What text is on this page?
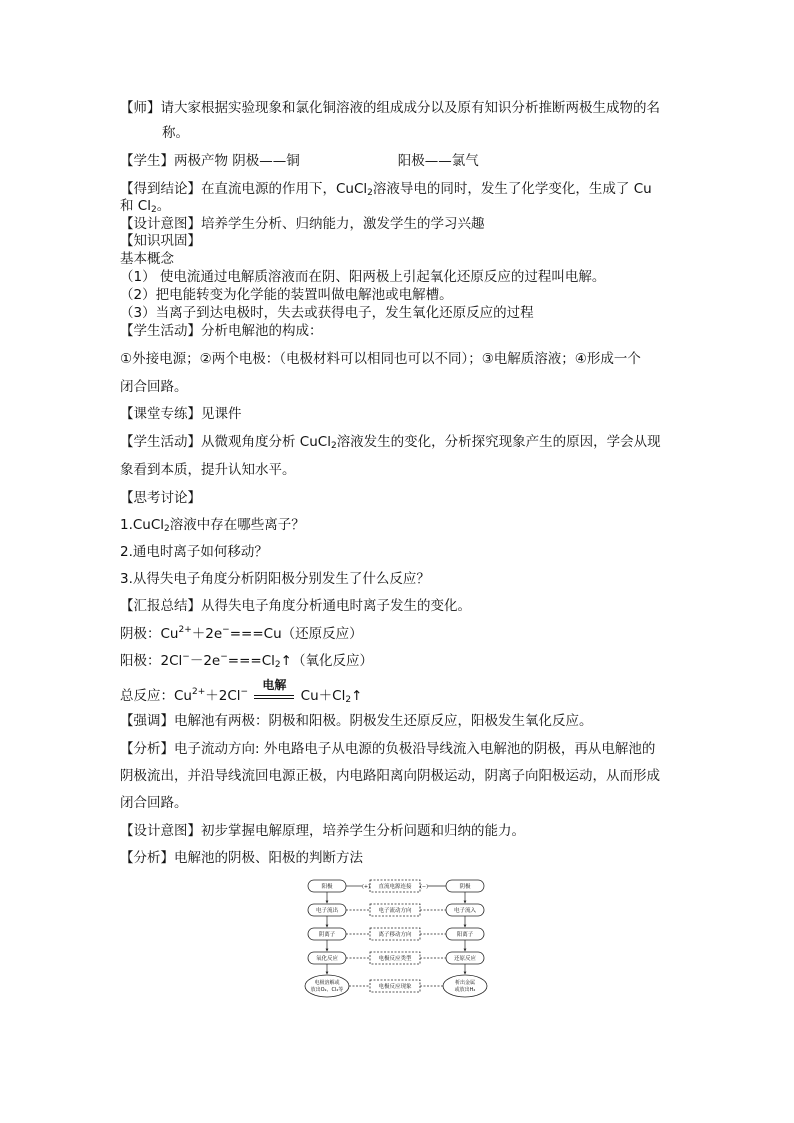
【师】请大家根据实验现象和氯化铜溶液的组成成分以及原有知识分析推断两极生成物的名
称。
【学生】两极产物 阴极——铜	阳极——氯气
【得到结论】在直流电源的作用下，CuCl$_2$溶液导电的同时，发生了化学变化，生成了 Cu
和 $Cl_2$。
【设计意图】培养学生分析、归纳能力，激发学生的学习兴趣
【知识巩固】
基本概念
（1） 使电流通过电解质溶液而在阴、阳两极上引起氧化还原反应的过程叫电解。
（2）把电能转变为化学能的装置叫做电解池或电解槽。
（3）当离子到达电极时，失去或获得电子，发生氧化还原反应的过程
【学生活动】分析电解池的构成：
①外接电源；②两个电极：（电极材料可以相同也可以不同）；③电解质溶液；④形成一个
闭合回路。
【课堂专练】见课件
【学生活动】从微观角度分析 CuCl$_2$溶液发生的变化，分析探究现象产生的原因，学会从现
象看到本质，提升认知水平。
【思考讨论】
1.CuCl$_2$溶液中存在哪些离子？
2.通电时离子如何移动？
3.从得失电子角度分析阴阳极分别发生了什么反应？
【汇报总结】从得失电子角度分析通电时离子发生的变化。
阴极：$Cu^{2+}+2e^-===Cu$（还原反应）
阳极：$2Cl^--2e^-===Cl_2↑$（氧化反应）
总反应：$Cu^{2+}+2Cl^-$	电解
$Cu+Cl_2↑$
【强调】电解池有两极：阴极和阳极。阴极发生还原反应，阳极发生氧化反应。
【分析】电子流动方向: 外电路电子从电源的负极沿导线流入电解池的阴极，再从电解池的
阴极流出，并沿导线流回电源正极，内电路阳离向阴极运动，阴离子向阳极运动，从而形成
闭合回路。
【设计意图】初步掌握电解原理，培养学生分析问题和归纳的能力。
【分析】电解池的阴极、阳极的判断方法
阳极
电子流出
阴离子
氧化反应
电极溶解或
放出O₂、Cl₂等
直流电源连接
电子流动方向
离子移动方向
电极反应类型
电极反应现象
阴极
电子流入
阳离子
还原反应
析出金属
或放出H₂
(+)	(−)
